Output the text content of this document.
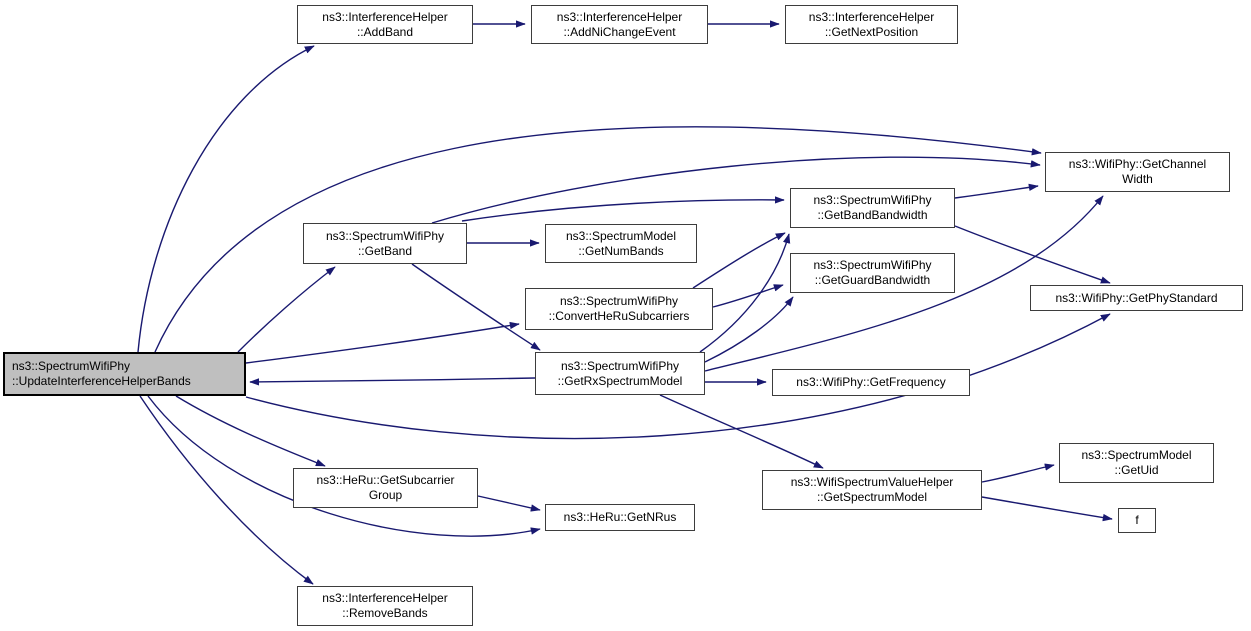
ns3::SpectrumWifiPhy
::UpdateInterferenceHelperBands
ns3::InterferenceHelper
::AddBand
ns3::InterferenceHelper
::AddNiChangeEvent
ns3::InterferenceHelper
::GetNextPosition
ns3::SpectrumWifiPhy
::GetBand
ns3::SpectrumModel
::GetNumBands
ns3::SpectrumWifiPhy
::ConvertHeRuSubcarriers
ns3::SpectrumWifiPhy
::GetRxSpectrumModel
ns3::SpectrumWifiPhy
::GetBandBandwidth
ns3::SpectrumWifiPhy
::GetGuardBandwidth
ns3::WifiPhy::GetChannel
Width
ns3::WifiPhy::GetPhyStandard
ns3::WifiPhy::GetFrequency
ns3::WifiSpectrumValueHelper
::GetSpectrumModel
ns3::SpectrumModel
::GetUid
f
ns3::HeRu::GetSubcarrier
Group
ns3::HeRu::GetNRus
ns3::InterferenceHelper
::RemoveBands
